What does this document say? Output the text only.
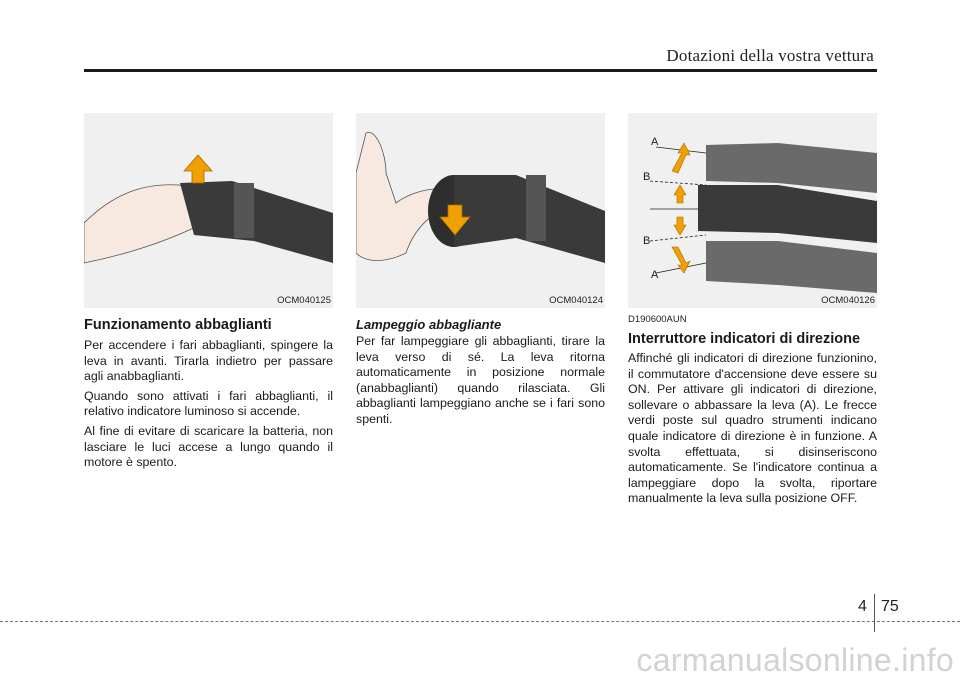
Dotazioni della vostra vettura
OCM040125	OCM040124
A
B
B
A
OCM040126
Funzionamento abbaglianti

Per accendere i fari abbaglianti, spingere la leva in avanti. Tirarla indietro per passare agli anabbaglianti.

Quando sono attivati i fari abbaglianti, il relativo indicatore luminoso si accende.

Al fine di evitare di scaricare la batteria, non lasciare le luci accese a lungo quando il motore è spento.

Lampeggio abbagliante

Per far lampeggiare gli abbaglianti, tirare la leva verso di sé. La leva ritorna automaticamente in posizione normale (anabbaglianti) quando rilasciata. Gli abbaglianti lampeggiano anche se i fari sono spenti.

D190600AUN
Interruttore indicatori di direzione

Affinché gli indicatori di direzione funzionino, il commutatore d'accensione deve essere su ON. Per attivare gli indicatori di direzione, sollevare o abbassare la leva (A). Le frecce verdi poste sul quadro strumenti indicano quale indicatore di direzione è in funzione. A svolta effettuata, si disinseriscono automaticamente. Se l'indicatore continua a lampeggiare dopo la svolta, riportare manualmente la leva sulla posizione OFF.

4 75
carmanualsonline.info
